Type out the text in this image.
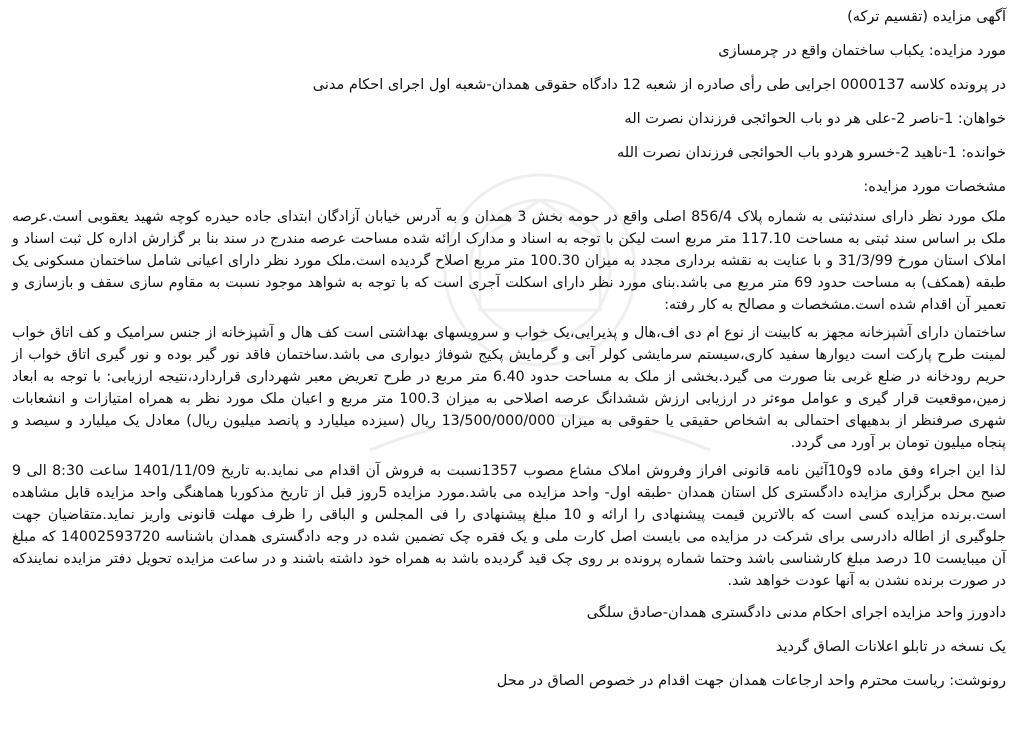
آگهی مزایده (تقسیم ترکه)
مورد مزایده: یکباب ساختمان واقع در چرمسازی
در پرونده کلاسه 0000137 اجرایی طی رأی صادره از شعبه 12 دادگاه حقوقی همدان-شعبه اول اجرای احکام مدنی
خواهان: 1-ناصر 2-علی هر دو باب الحوائجی فرزندان نصرت اله
خوانده: 1-ناهید 2-خسرو هردو باب الحوائجی فرزندان نصرت الله
مشخصات مورد مزایده:
ملک مورد نظر دارای سندثبتی به شماره پلاک 856/4 اصلی واقع در حومه بخش 3 همدان و به آدرس خیابان آزادگان ابتدای جاده حیدره کوچه شهید یعقوبی است.عرصه ملک بر اساس سند ثبتی به مساحت 117.10 متر مربع است لیکن با توجه به اسناد و مدارک ارائه شده مساحت عرصه مندرج در سند بنا بر گزارش اداره کل ثبت اسناد و املاک استان مورخ 31/3/99 و با عنایت به نقشه برداری مجدد به میزان 100.30 متر مربع اصلاح گردیده است.ملک مورد نظر دارای اعیانی شامل ساختمان مسکونی یک طبقه (همکف) به مساحت حدود 69 متر مربع می باشد.بنای مورد نظر دارای اسکلت آجری است که با توجه به شواهد موجود نسبت به مقاوم سازی سقف و بازسازی و تعمیر آن اقدام شده است.مشخصات و مصالح به کار رفته:
ساختمان دارای آشپزخانه مجهز به کابینت از نوع ام دی اف،هال و پذیرایی،یک خواب و سرویسهای بهداشتی است کف هال و آشپزخانه از جنس سرامیک و کف اتاق خواب لمینت طرح پارکت است دیوارها سفید کاری،سیستم سرمایشی کولر آبی و گرمایش پکیج شوفاژ دیواری می باشد.ساختمان فاقد نور گیر بوده و نور گیری اتاق خواب از حریم رودخانه در ضلع غربی بنا صورت می گیرد.بخشی از ملک به مساحت حدود 6.40 متر مربع در طرح تعریض معبر شهرداری قراردارد،نتیجه ارزیابی: با توجه به ابعاد زمین،موقعیت قرار گیری و عوامل موءثر در ارزیابی ارزش ششدانگ عرصه اصلاحی به میزان 100.3 متر مربع و اعیان ملک مورد نظر به همراه امتیازات و انشعابات شهری صرفنظر از بدهیهای احتمالی به اشخاص حقیقی یا حقوقی به میزان 13/500/000/000 ریال (سیزده میلیارد و پانصد میلیون ریال) معادل یک میلیارد و سیصد و پنجاه میلیون تومان بر آورد می گردد.
لذا این اجراء وفق ماده 9و10آئین نامه قانونی افراز وفروش املاک مشاع مصوب 1357نسبت به فروش آن اقدام می نماید.به تاریخ 1401/11/09 ساعت 8:30 الی 9 صبح محل برگزاری مزایده دادگستری کل استان همدان -طبقه اول- واحد مزایده می باشد.مورد مزایده 5روز قبل از تاریخ مذکوربا هماهنگی واحد مزایده قابل مشاهده است.برنده مزایده کسی است که بالاترین قیمت پیشنهادی را ارائه و 10 مبلغ پیشنهادی را فی المجلس و الباقی را ظرف مهلت قانونی واریز نماید.متقاضیان جهت جلوگیری از اطاله دادرسی برای شرکت در مزایده می بایست اصل کارت ملی و یک فقره چک تضمین شده در وجه دادگستری همدان باشناسه 14002593720 که مبلغ آن میبایست 10 درصد مبلغ کارشناسی باشد وحتما شماره پرونده بر روی چک قید گردیده باشد به همراه خود داشته باشند و در ساعت مزایده تحویل دفتر مزایده نمایندکه در صورت برنده نشدن به آنها عودت خواهد شد.
دادورز واحد مزایده اجرای احکام مدنی دادگستری همدان-صادق سلگی
یک نسخه در تابلو اعلانات الصاق گردید
رونوشت: ریاست محترم واحد ارجاعات همدان جهت اقدام در خصوص الصاق در محل
